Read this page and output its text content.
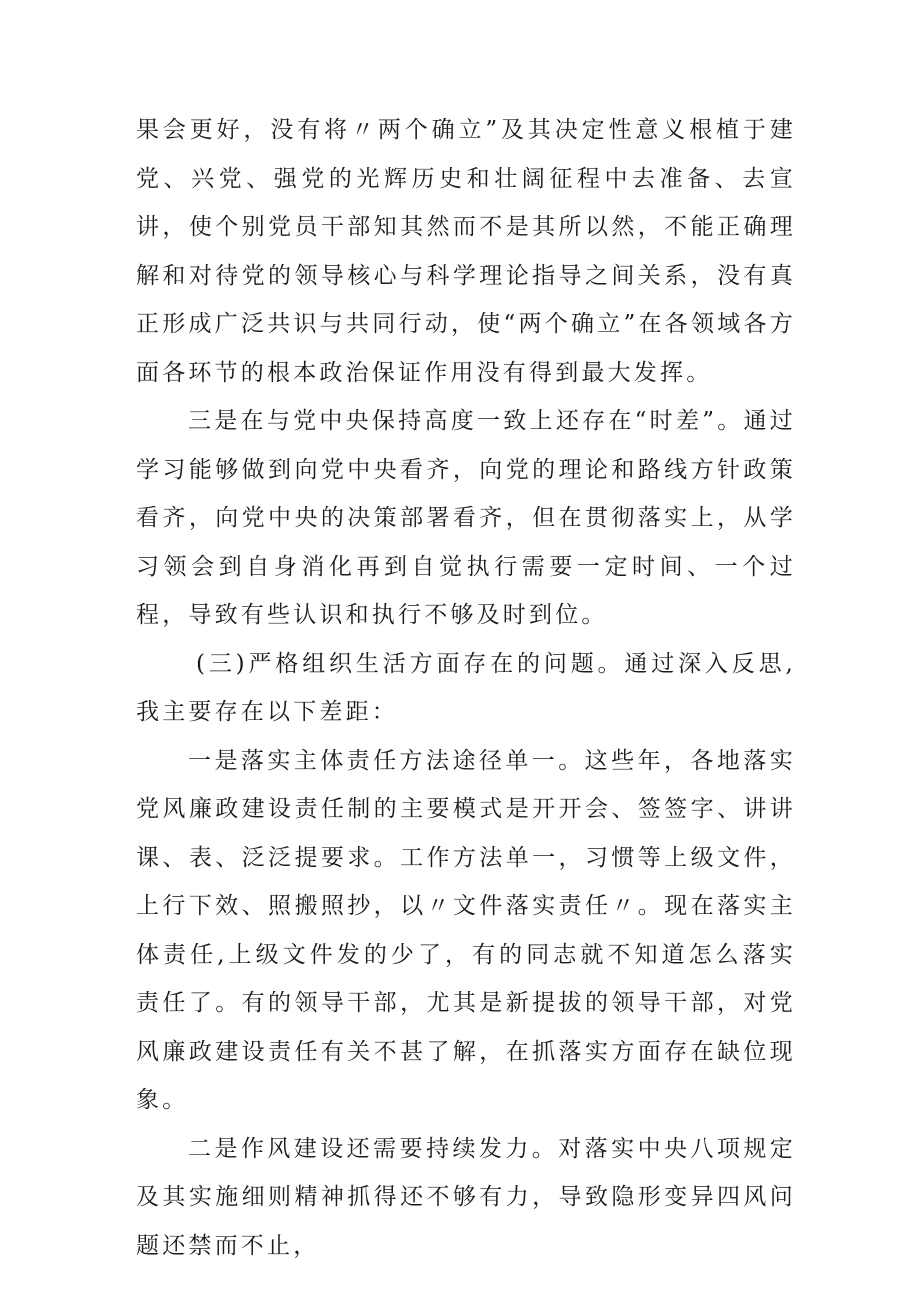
果会更好，没有将〃两个确立”及其决定性意义根植于建党、兴党、强党的光辉历史和壮阔征程中去准备、去宣讲，使个别党员干部知其然而不是其所以然，不能正确理解和对待党的领导核心与科学理论指导之间关系，没有真正形成广泛共识与共同行动，使“两个确立”在各领域各方面各环节的根本政治保证作用没有得到最大发挥。

三是在与党中央保持高度一致上还存在“时差”。通过学习能够做到向党中央看齐，向党的理论和路线方针政策看齐，向党中央的决策部署看齐，但在贯彻落实上，从学习领会到自身消化再到自觉执行需要一定时间、一个过程，导致有些认识和执行不够及时到位。

(三)严格组织生活方面存在的问题。通过深入反思,我主要存在以下差距：

一是落实主体责任方法途径单一。这些年，各地落实党风廉政建设责任制的主要模式是开开会、签签字、讲讲课、表、泛泛提要求。工作方法单一，习惯等上级文件，上行下效、照搬照抄，以〃文件落实责任〃。现在落实主体责任,上级文件发的少了，有的同志就不知道怎么落实责任了。有的领导干部，尤其是新提拔的领导干部，对党风廉政建设责任有关不甚了解，在抓落实方面存在缺位现象。

二是作风建设还需要持续发力。对落实中央八项规定及其实施细则精神抓得还不够有力，导致隐形变异四风问题还禁而不止，
